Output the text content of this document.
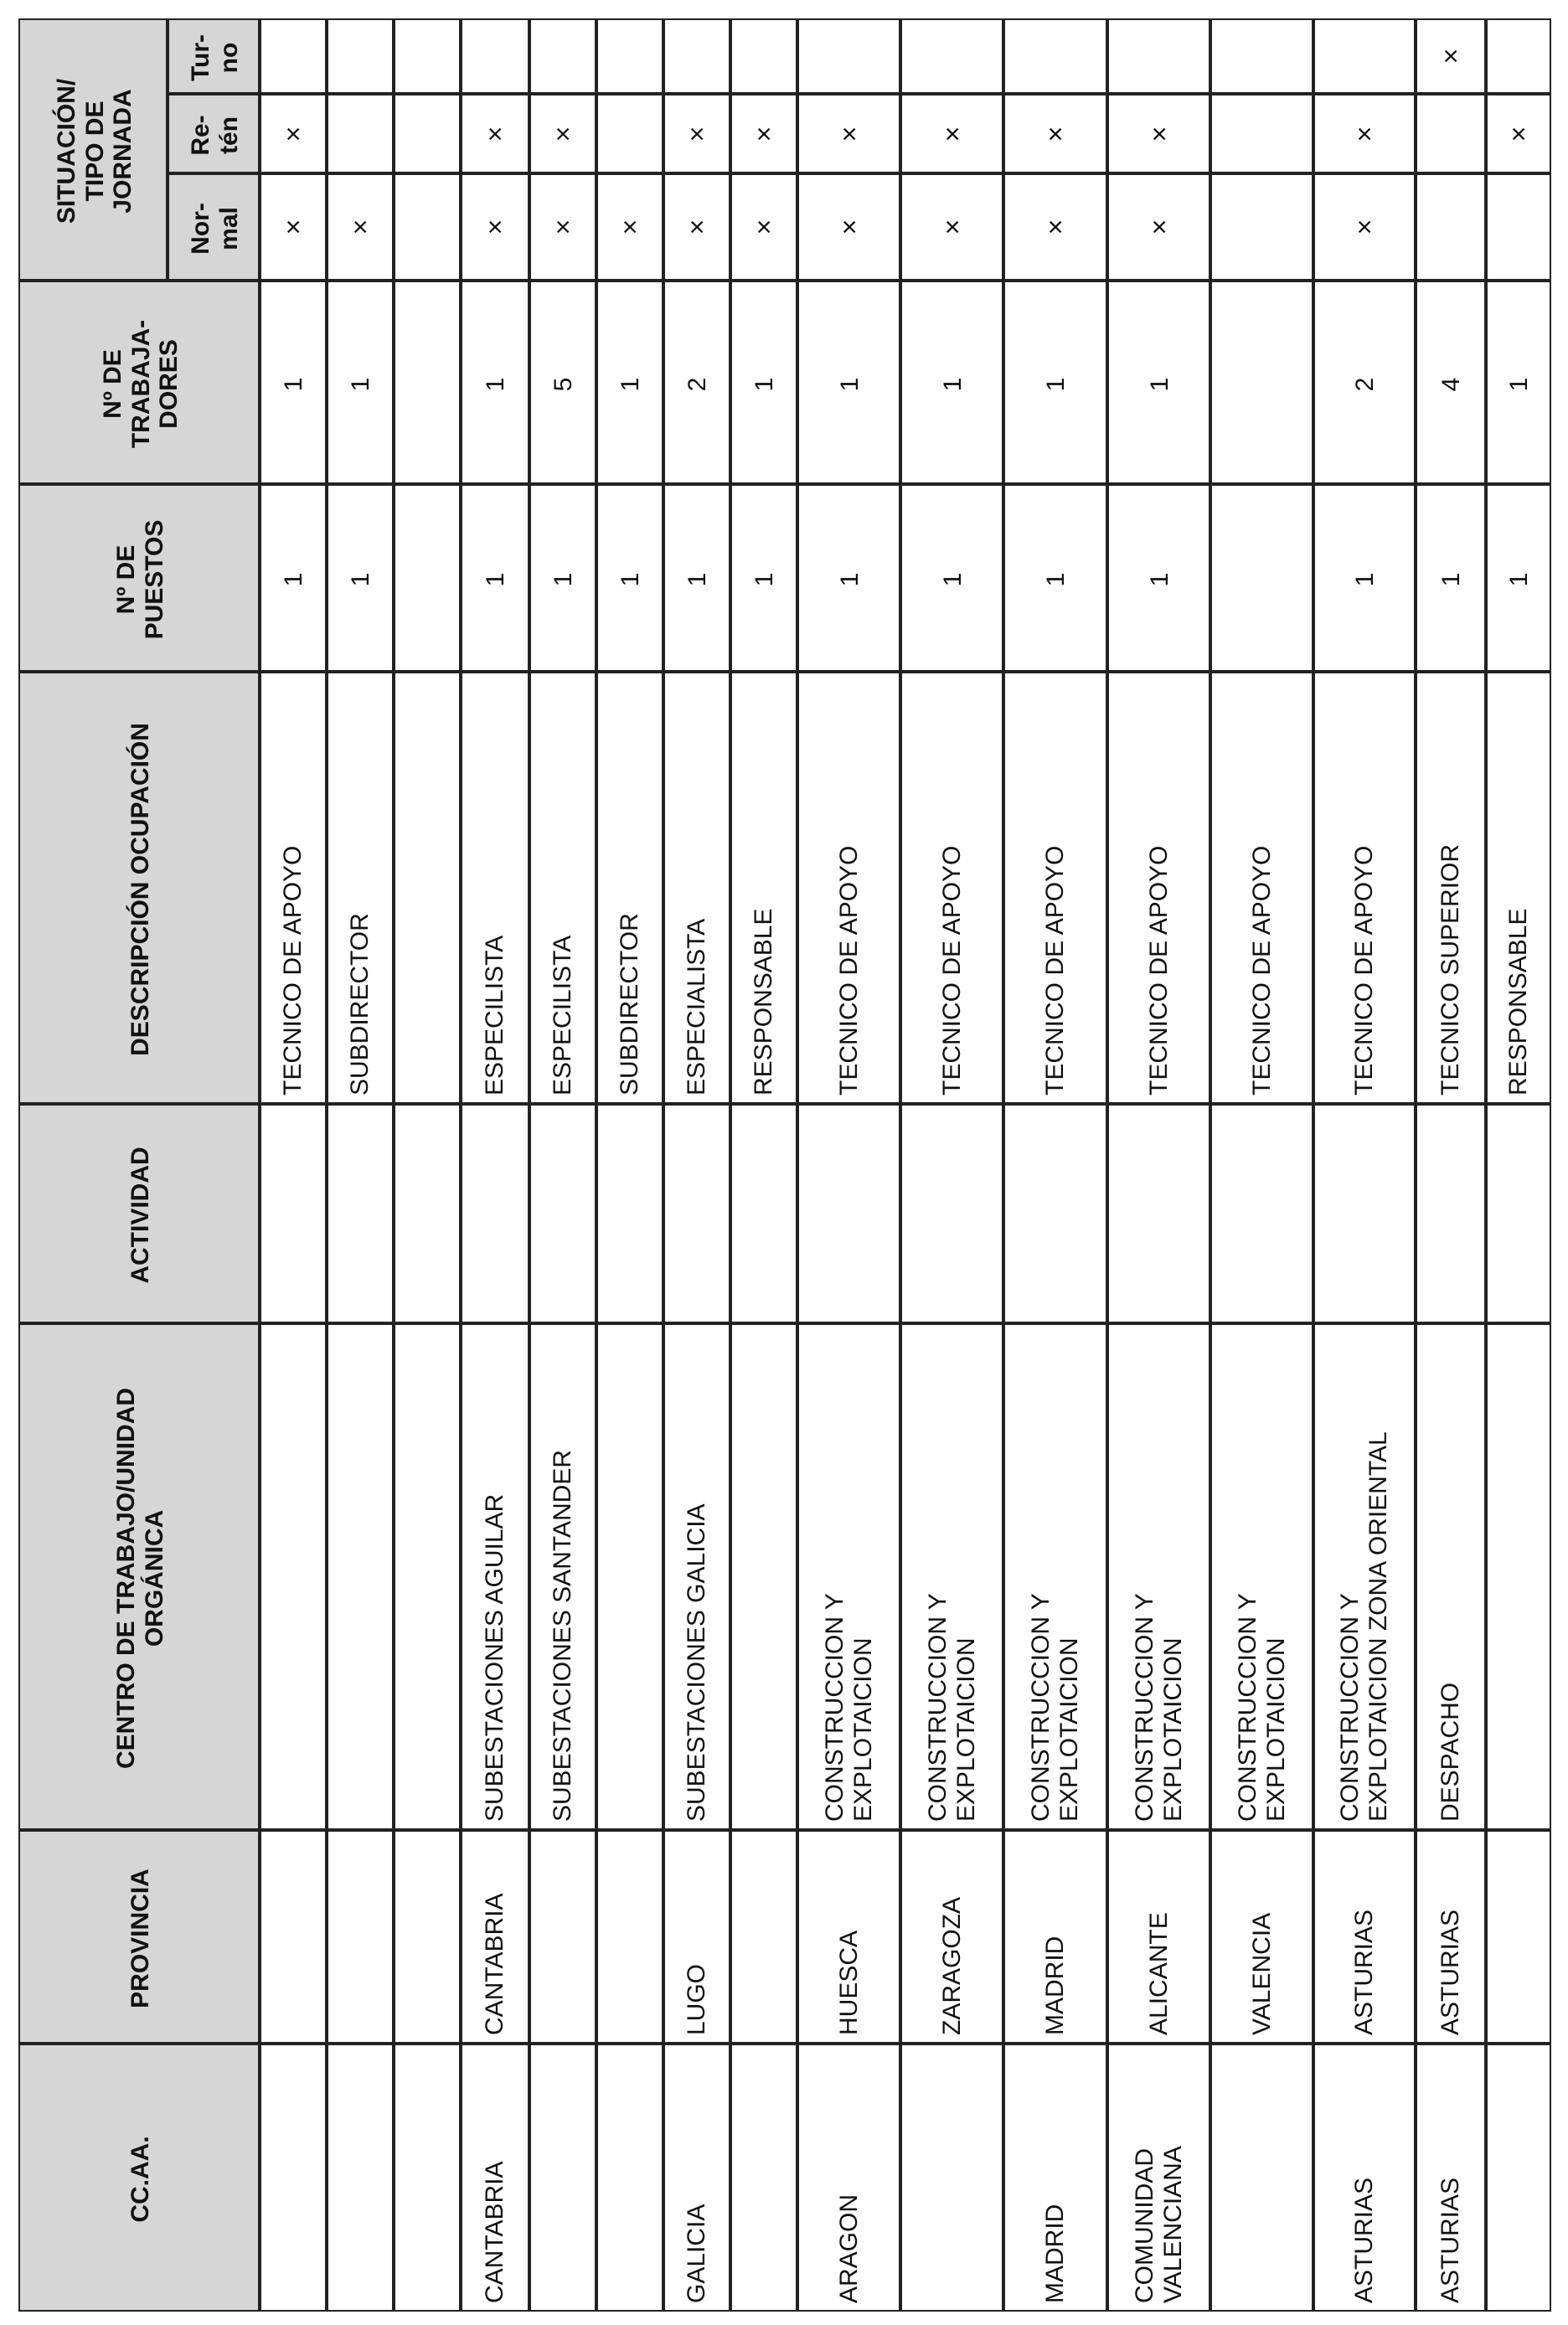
CC.AA.
PROVINCIA
CENTRO DE TRABAJO/UNIDAD
ORGÁNICA
ACTIVIDAD
DESCRIPCIÓN OCUPACIÓN
Nº DE
PUESTOS
Nº DE
TRABAJA-
DORES
SITUACIÓN/
TIPO DE
JORNADA
Nor-
mal
Re-
tén
Tur-
no
TECNICO DE APOYO
1
1
×
×
SUBDIRECTOR
1
1
×
CANTABRIA
CANTABRIA
SUBESTACIONES AGUILAR
ESPECILISTA
1
1
×
×
SUBESTACIONES SANTANDER
ESPECILISTA
1
5
×
×
SUBDIRECTOR
1
1
×
GALICIA
LUGO
SUBESTACIONES GALICIA
ESPECIALISTA
1
2
×
×
RESPONSABLE
1
1
×
×
ARAGON
HUESCA
CONSTRUCCION Y
EXPLOTAICION
TECNICO DE APOYO
1
1
×
×
ZARAGOZA
CONSTRUCCION Y
EXPLOTAICION
TECNICO DE APOYO
1
1
×
×
MADRID
MADRID
CONSTRUCCION Y
EXPLOTAICION
TECNICO DE APOYO
1
1
×
×
COMUNIDAD
VALENCIANA
ALICANTE
CONSTRUCCION Y
EXPLOTAICION
TECNICO DE APOYO
1
1
×
×
VALENCIA
CONSTRUCCION Y
EXPLOTAICION
TECNICO DE APOYO
ASTURIAS
ASTURIAS
CONSTRUCCION Y
EXPLOTAICION ZONA ORIENTAL
TECNICO DE APOYO
1
2
×
×
ASTURIAS
ASTURIAS
DESPACHO
TECNICO SUPERIOR
1
4
×
RESPONSABLE
1
1
×
